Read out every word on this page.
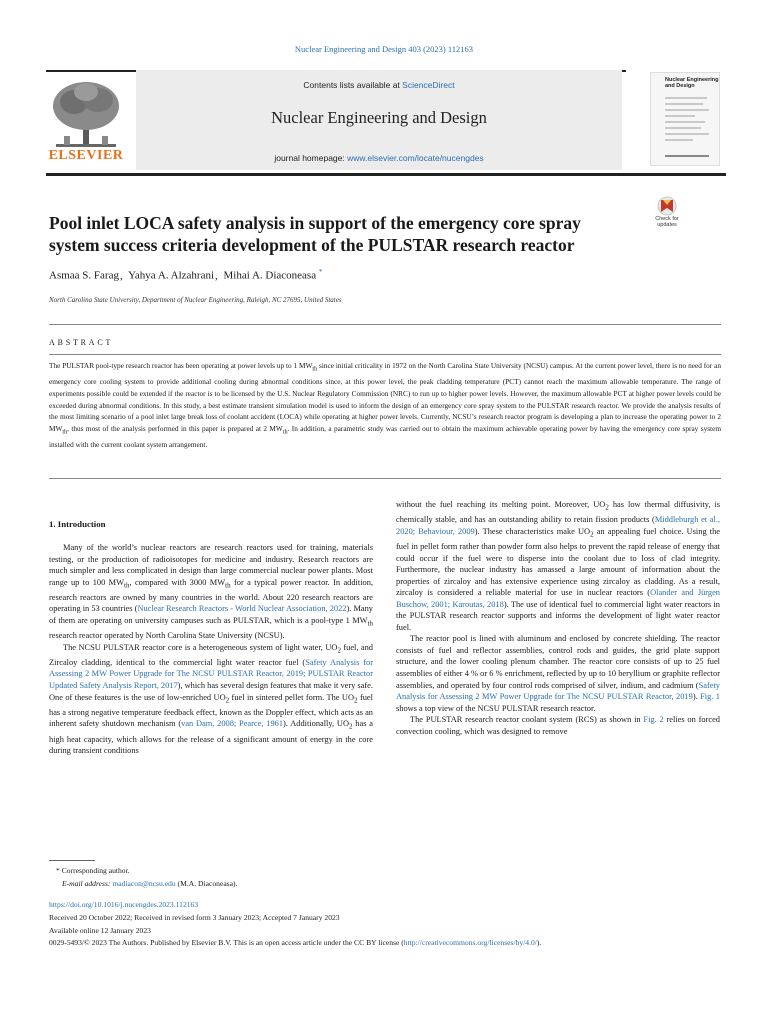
Nuclear Engineering and Design 403 (2023) 112163
ELSEVIER
Contents lists available at ScienceDirect
Nuclear Engineering and Design
journal homepage: www.elsevier.com/locate/nucengdes
Nuclear Engineering and Design
Pool inlet LOCA safety analysis in support of the emergency core spray system success criteria development of the PULSTAR research reactor
Check for updates
Asmaa S. Farag, Yahya A. Alzahrani, Mihai A. Diaconeasa *
North Carolina State University, Department of Nuclear Engineering, Raleigh, NC 27695, United States
ABSTRACT
The PULSTAR pool-type research reactor has been operating at power levels up to 1 $MW_{th}$ since initial criticality in 1972 on the North Carolina State University (NCSU) campus. At the current power level, there is no need for an emergency core cooling system to provide additional cooling during abnormal conditions since, at this power level, the peak cladding temperature (PCT) cannot reach the maximum allowable temperature. The range of experiments possible could be extended if the reactor is to be licensed by the U.S. Nuclear Regulatory Commission (NRC) to run up to higher power levels. However, the maximum allowable PCT at higher power levels could be exceeded during abnormal conditions. In this study, a best estimate transient simulation model is used to inform the design of an emergency core spray system to the PULSTAR research reactor. We provide the analysis results of the most limiting scenario of a pool inlet large break loss of coolant accident (LOCA) while operating at higher power levels. Currently, NCSU’s research reactor program is developing a plan to increase the operating power to 2 $MW_{th}$, thus most of the analysis performed in this paper is prepared at 2 $MW_{th}$. In addition, a parametric study was carried out to obtain the maximum achievable operating power by having the emergency core spray system installed with the current coolant system arrangement.
1. Introduction

Many of the world’s nuclear reactors are research reactors used for training, materials testing, or the production of radioisotopes for medicine and industry. Research reactors are much simpler and less complicated in design than large commercial nuclear power plants. Most range up to 100 $MW_{th}$, compared with 3000 $MW_{th}$ for a typical power reactor. In addition, research reactors are owned by many countries in the world. About 220 research reactors are operating in 53 countries (Nuclear Research Reactors - World Nuclear Association, 2022). Many of them are operating on university campuses such as PULSTAR, which is a pool-type 1 $MW_{th}$ research reactor operated by North Carolina State University (NCSU).

The NCSU PULSTAR reactor core is a heterogeneous system of light water, $UO_2$ fuel, and Zircaloy cladding, identical to the commercial light water reactor fuel (Safety Analysis for Assessing 2 MW Power Upgrade for The NCSU PULSTAR Reactor, 2019; PULSTAR Reactor Updated Safety Analysis Report, 2017), which has several design features that make it very safe. One of these features is the use of low-enriched $UO_2$ fuel in sintered pellet form. The $UO_2$ fuel has a strong negative temperature feedback effect, known as the Doppler effect, which acts as an inherent safety shutdown mechanism (van Dam, 2008; Pearce, 1961). Additionally, $UO_2$ has a high heat capacity, which allows for the release of a significant amount of energy in the core during transient conditions

without the fuel reaching its melting point. Moreover, $UO_2$ has low thermal diffusivity, is chemically stable, and has an outstanding ability to retain fission products (Middleburgh et al., 2020; Behaviour, 2009). These characteristics make $UO_2$ an appealing fuel choice. Using the fuel in pellet form rather than powder form also helps to prevent the rapid release of energy that could occur if the fuel were to disperse into the coolant due to loss of clad integrity. Furthermore, the nuclear industry has amassed a large amount of information about the properties of zircaloy and has extensive experience using zircaloy as cladding. As a result, zircaloy is considered a reliable material for use in nuclear reactors (Olander and Jürgen Buschow, 2001; Karoutas, 2018). The use of identical fuel to commercial light water reactors in the PULSTAR research reactor supports and informs the development of light water reactor fuel.

The reactor pool is lined with aluminum and enclosed by concrete shielding. The reactor consists of fuel and reflector assemblies, control rods and guides, the grid plate support structure, and the lower cooling plenum chamber. The reactor core consists of up to 25 fuel assemblies of either 4 % or 6 % enrichment, reflected by up to 10 beryllium or graphite reflector assemblies, and operated by four control rods comprised of silver, indium, and cadmium (Safety Analysis for Assessing 2 MW Power Upgrade for The NCSU PULSTAR Reactor, 2019). Fig. 1 shows a top view of the NCSU PULSTAR research reactor.

The PULSTAR research reactor coolant system (RCS) as shown in Fig. 2 relies on forced convection cooling, which was designed to remove

* Corresponding author.
E-mail address: madiacon@ncsu.edu (M.A. Diaconeasa).
https://doi.org/10.1016/j.nucengdes.2023.112163
Received 20 October 2022; Received in revised form 3 January 2023; Accepted 7 January 2023
Available online 12 January 2023
0029-5493/© 2023 The Authors. Published by Elsevier B.V. This is an open access article under the CC BY license (http://creativecommons.org/licenses/by/4.0/).
